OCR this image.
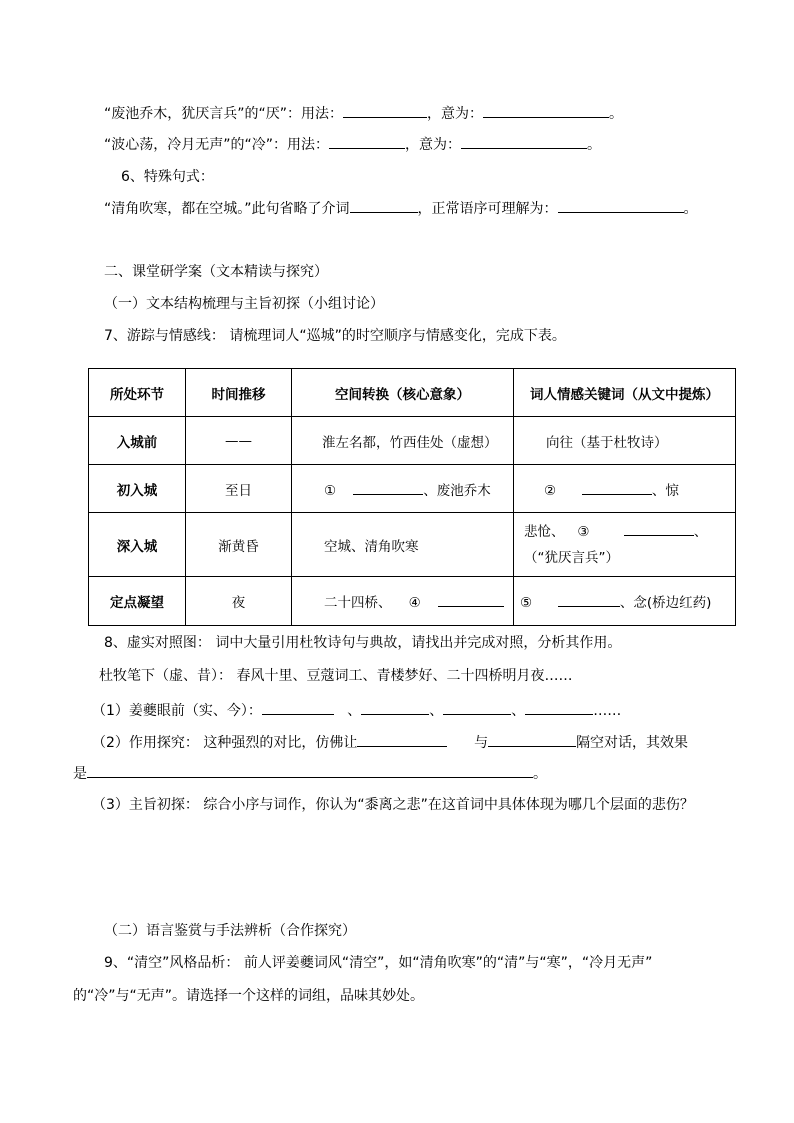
“废池乔木，犹厌言兵”的“厌”：用法：	，意为：	。
“波心荡，冷月无声”的“冷”：用法：	，意为：	。
6、特殊句式：
“清角吹寒，都在空城。”此句省略了介词	，正常语序可理解为：	。
二、课堂研学案（文本精读与探究）
（一）文本结构梳理与主旨初探（小组讨论）
7、游踪与情感线： 请梳理词人“巡城”的时空顺序与情感变化，完成下表。
所处环节	时间推移	空间转换（核心意象）	词人情感关键词（从文中提炼）
入城前	——	淮左名都，竹西佳处（虚想）	向往（基于杜牧诗）
初入城	至日	① 、废池乔木	② 、惊
深入城	渐黄昏	空城、清角吹寒	悲怆、 ③ 、
（“犹厌言兵”）
定点凝望	夜	二十四桥、 ④	⑤ 、念(桥边红药)
8、虚实对照图： 词中大量引用杜牧诗句与典故，请找出并完成对照，分析其作用。
杜牧笔下（虚、昔）： 春风十里、豆蔻词工、青楼梦好、二十四桥明月夜……
（1）姜夔眼前（实、今）：	、	、	、	……
（2）作用探究： 这种强烈的对比，仿佛让	与	隔空对话，其效果
是	。
（3）主旨初探： 综合小序与词作，你认为“黍离之悲”在这首词中具体体现为哪几个层面的悲伤？
（二）语言鉴赏与手法辨析（合作探究）
9、“清空”风格品析： 前人评姜夔词风“清空”，如“清角吹寒”的“清”与“寒”，“冷月无声”
的“冷”与“无声”。请选择一个这样的词组，品味其妙处。
